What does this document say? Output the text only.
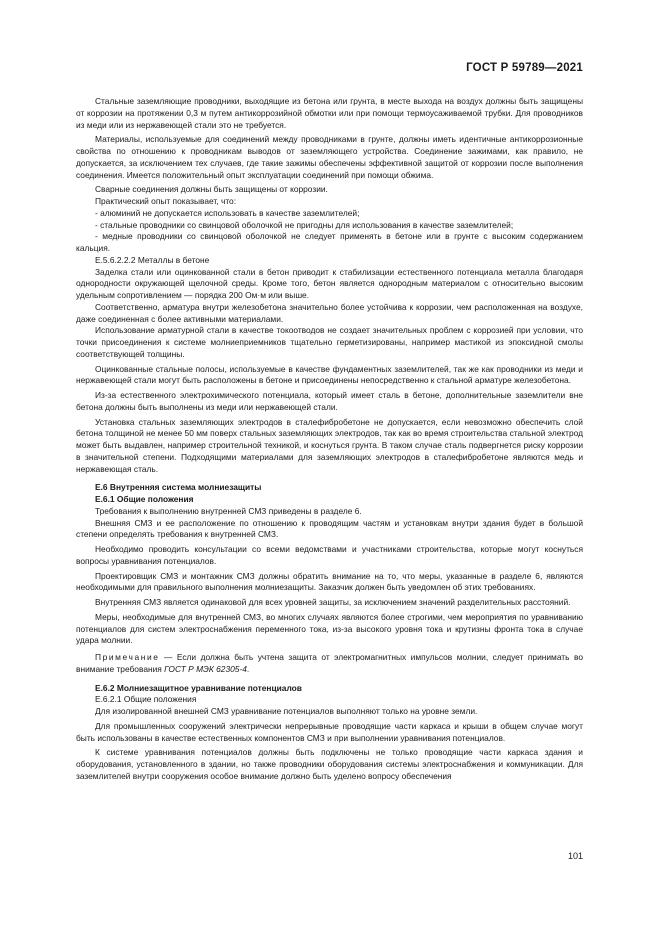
ГОСТ Р 59789—2021

Стальные заземляющие проводники, выходящие из бетона или грунта, в месте выхода на воздух должны быть защищены от коррозии на протяжении 0,3 м путем антикоррозийной обмотки или при помощи термоусаживаемой трубки. Для проводников из меди или из нержавеющей стали это не требуется.

Материалы, используемые для соединений между проводниками в грунте, должны иметь идентичные антикоррозионные свойства по отношению к проводникам выводов от заземляющего устройства. Соединение зажимами, как правило, не допускается, за исключением тех случаев, где такие зажимы обеспечены эффективной защитой от коррозии после выполнения соединения. Имеется положительный опыт эксплуатации соединений при помощи обжима.

Сварные соединения должны быть защищены от коррозии.

Практический опыт показывает, что:

- алюминий не допускается использовать в качестве заземлителей;

- стальные проводники со свинцовой оболочкой не пригодны для использования в качестве заземлителей;

- медные проводники со свинцовой оболочкой не следует применять в бетоне или в грунте с высоким содержанием кальция.

Е.5.6.2.2.2 Металлы в бетоне

Заделка стали или оцинкованной стали в бетон приводит к стабилизации естественного потенциала металла благодаря однородности окружающей щелочной среды. Кроме того, бетон является однородным материалом с относительно высоким удельным сопротивлением — порядка 200 Ом·м или выше.

Соответственно, арматура внутри железобетона значительно более устойчива к коррозии, чем расположенная на воздухе, даже соединенная с более активными материалами.

Использование арматурной стали в качестве токоотводов не создает значительных проблем с коррозией при условии, что точки присоединения к системе молниеприемников тщательно герметизированы, например мастикой из эпоксидной смолы соответствующей толщины.

Оцинкованные стальные полосы, используемые в качестве фундаментных заземлителей, так же как проводники из меди и нержавеющей стали могут быть расположены в бетоне и присоединены непосредственно к стальной арматуре железобетона.

Из-за естественного электрохимического потенциала, который имеет сталь в бетоне, дополнительные заземлители вне бетона должны быть выполнены из меди или нержавеющей стали.

Установка стальных заземляющих электродов в сталефибробетоне не допускается, если невозможно обеспечить слой бетона толщиной не менее 50 мм поверх стальных заземляющих электродов, так как во время строительства стальной электрод может быть выдавлен, например строительной техникой, и коснуться грунта. В таком случае сталь подвергнется риску коррозии в значительной степени. Подходящими материалами для заземляющих электродов в сталефибробетоне являются медь и нержавеющая сталь.

Е.6 Внутренняя система молниезащиты
Е.6.1 Общие положения

Требования к выполнению внутренней СМЗ приведены в разделе 6.

Внешняя СМЗ и ее расположение по отношению к проводящим частям и установкам внутри здания будет в большой степени определять требования к внутренней СМЗ.

Необходимо проводить консультации со всеми ведомствами и участниками строительства, которые могут коснуться вопросы уравнивания потенциалов.

Проектировщик СМЗ и монтажник СМЗ должны обратить внимание на то, что меры, указанные в разделе 6, являются необходимыми для правильного выполнения молниезащиты. Заказчик должен быть уведомлен об этих требованиях.

Внутренняя СМЗ является одинаковой для всех уровней защиты, за исключением значений разделительных расстояний.

Меры, необходимые для внутренней СМЗ, во многих случаях являются более строгими, чем мероприятия по уравниванию потенциалов для систем электроснабжения переменного тока, из-за высокого уровня тока и крутизны фронта тока в случае удара молнии.

Примечание — Если должна быть учтена защита от электромагнитных импульсов молнии, следует принимать во внимание требования ГОСТ Р МЭК 62305-4.

Е.6.2 Молниезащитное уравнивание потенциалов

Е.6.2.1 Общие положения

Для изолированной внешней СМЗ уравнивание потенциалов выполняют только на уровне земли.

Для промышленных сооружений электрически непрерывные проводящие части каркаса и крыши в общем случае могут быть использованы в качестве естественных компонентов СМЗ и при выполнении уравнивания потенциалов.

К системе уравнивания потенциалов должны быть подключены не только проводящие части каркаса здания и оборудования, установленного в здании, но также проводники оборудования системы электроснабжения и коммуникации. Для заземлителей внутри сооружения особое внимание должно быть уделено вопросу обеспечения

101
